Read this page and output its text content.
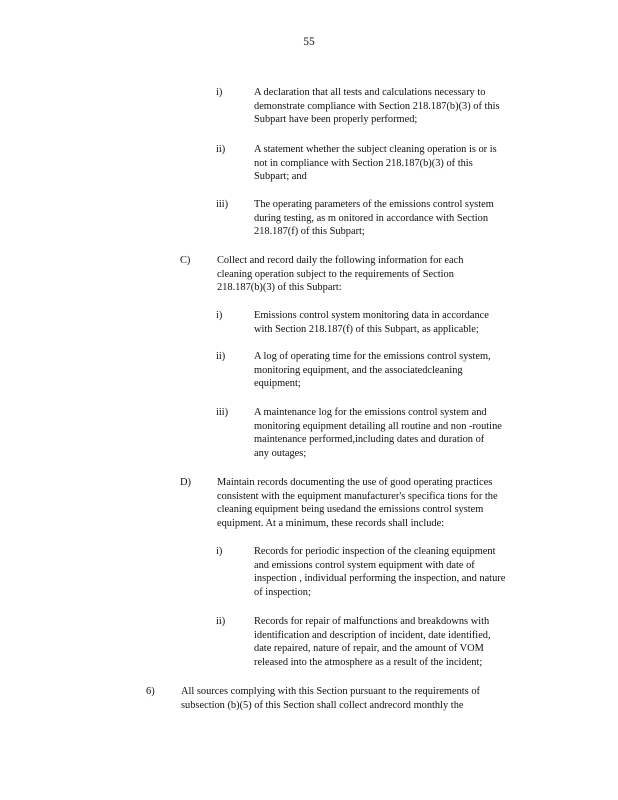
55
i)	A declaration that all tests and calculations necessary to
demonstrate compliance with Section 218.187(b)(3) of this
Subpart have been properly performed;
ii)	A statement whether the subject cleaning operation is or is
not in compliance with Section 218.187(b)(3) of this
Subpart; and
iii) The operating parameters of the emissions control system
during testing, as m onitored in accordance with Section
218.187(f) of this Subpart;
C)	Collect and record daily the following information for each
cleaning operation subject to the requirements of Section
218.187(b)(3) of this Subpart:
i)	Emissions control system monitoring data in accordance
with Section 218.187(f) of this Subpart, as applicable;
ii)	A log of operating time for the emissions control system,
monitoring equipment, and the associatedcleaning
equipment;
iii) A maintenance log for the emissions control system and
monitoring equipment detailing all routine and non -routine
maintenance performed,including dates and duration of
any outages;
D)	Maintain records documenting the use of good operating practices
consistent with the equipment manufacturer's specifica tions for the
cleaning equipment being usedand the emissions control system
equipment. At a minimum, these records shall include:
i)	Records for periodic inspection of the cleaning equipment
and emissions control system equipment with date of
inspection , individual performing the inspection, and nature
of inspection;
ii)	Records for repair of malfunctions and breakdowns with
identification and description of incident, date identified,
date repaired, nature of repair, and the amount of VOM
released into the atmosphere as a result of the incident;
6)	All sources complying with this Section pursuant to the requirements of
subsection (b)(5) of this Section shall collect andrecord monthly the
